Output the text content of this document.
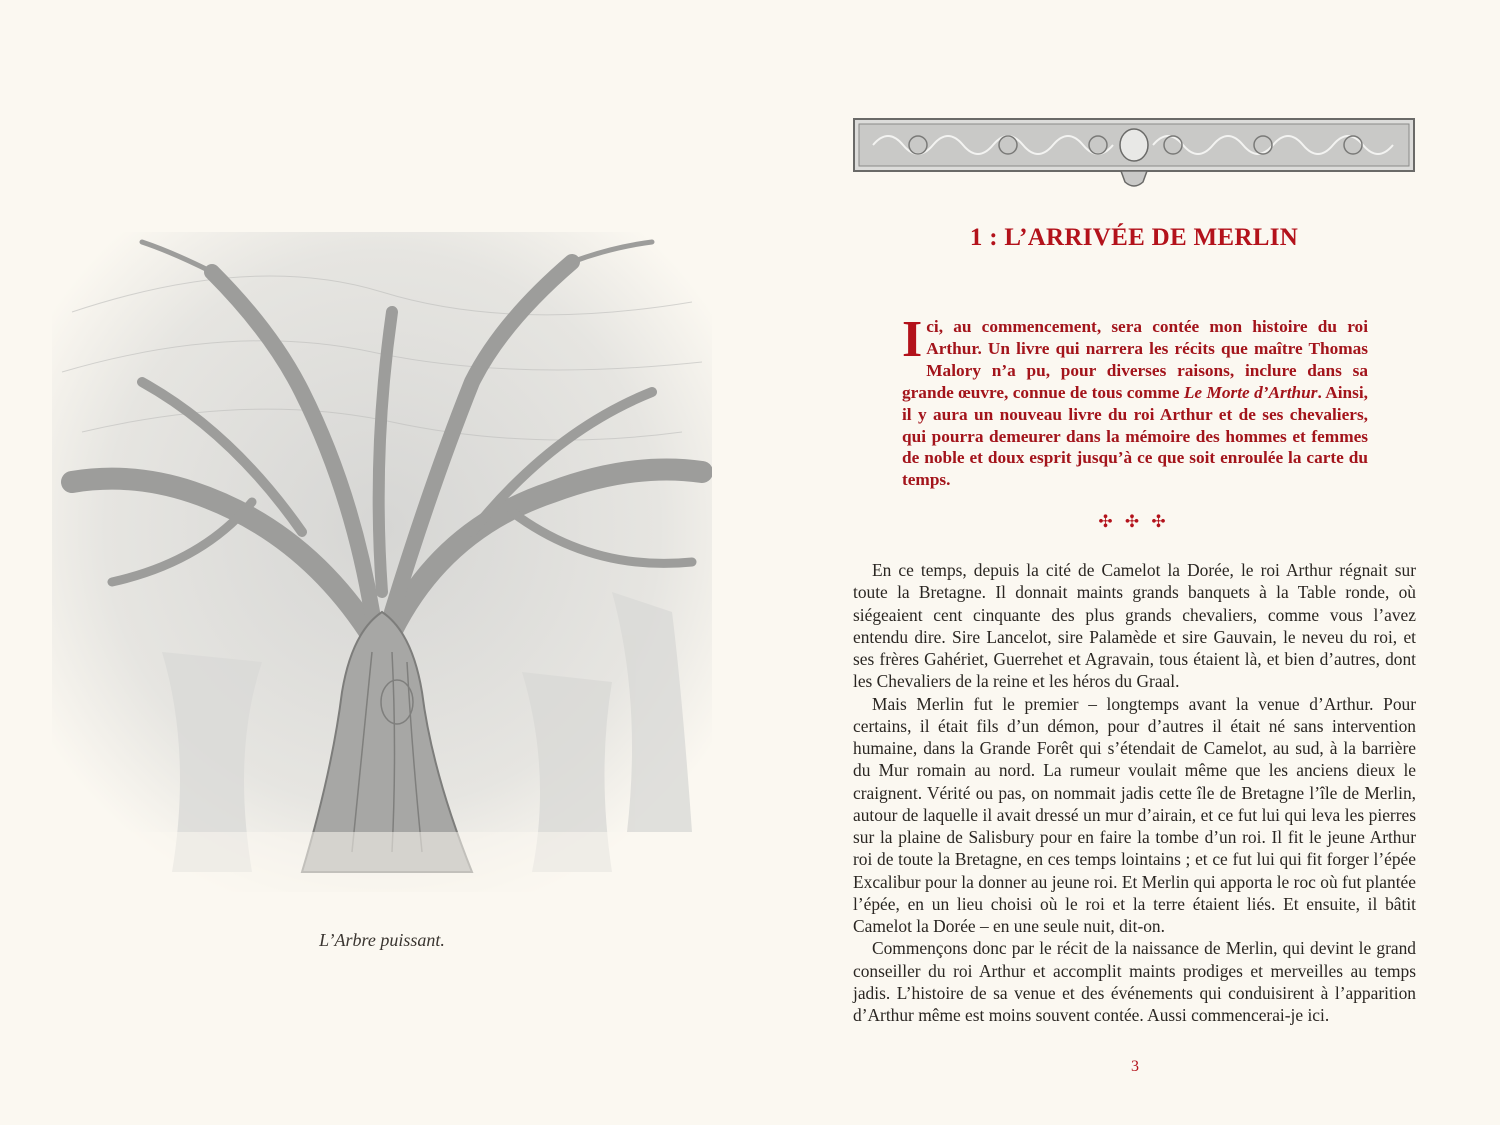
L’Arbre puissant.
1 : L’ARRIVÉE DE MERLIN

Ici, au commencement, sera contée mon histoire du roi Arthur. Un livre qui narrera les récits que maître Thomas Malory n’a pu, pour diverses raisons, inclure dans sa grande œuvre, connue de tous comme Le Morte d’Arthur. Ainsi, il y aura un nouveau livre du roi Arthur et de ses chevaliers, qui pourra demeurer dans la mémoire des hommes et femmes de noble et doux esprit jusqu’à ce que soit enroulée la carte du temps.

✣ ✣ ✣

En ce temps, depuis la cité de Camelot la Dorée, le roi Arthur régnait sur toute la Bretagne. Il donnait maints grands banquets à la Table ronde, où siégeaient cent cinquante des plus grands chevaliers, comme vous l’avez entendu dire. Sire Lancelot, sire Palamède et sire Gauvain, le neveu du roi, et ses frères Gahériet, Guerrehet et Agravain, tous étaient là, et bien d’autres, dont les Chevaliers de la reine et les héros du Graal.

Mais Merlin fut le premier – longtemps avant la venue d’Arthur. Pour certains, il était fils d’un démon, pour d’autres il était né sans intervention humaine, dans la Grande Forêt qui s’étendait de Camelot, au sud, à la barrière du Mur romain au nord. La rumeur voulait même que les anciens dieux le craignent. Vérité ou pas, on nommait jadis cette île de Bretagne l’île de Merlin, autour de laquelle il avait dressé un mur d’airain, et ce fut lui qui leva les pierres sur la plaine de Salisbury pour en faire la tombe d’un roi. Il fit le jeune Arthur roi de toute la Bretagne, en ces temps lointains ; et ce fut lui qui fit forger l’épée Excalibur pour la donner au jeune roi. Et Merlin qui apporta le roc où fut plantée l’épée, en un lieu choisi où le roi et la terre étaient liés. Et ensuite, il bâtit Camelot la Dorée – en une seule nuit, dit-on.

Commençons donc par le récit de la naissance de Merlin, qui devint le grand conseiller du roi Arthur et accomplit maints prodiges et merveilles au temps jadis. L’histoire de sa venue et des événements qui conduisirent à l’apparition d’Arthur même est moins souvent contée. Aussi commencerai-je ici.

3
